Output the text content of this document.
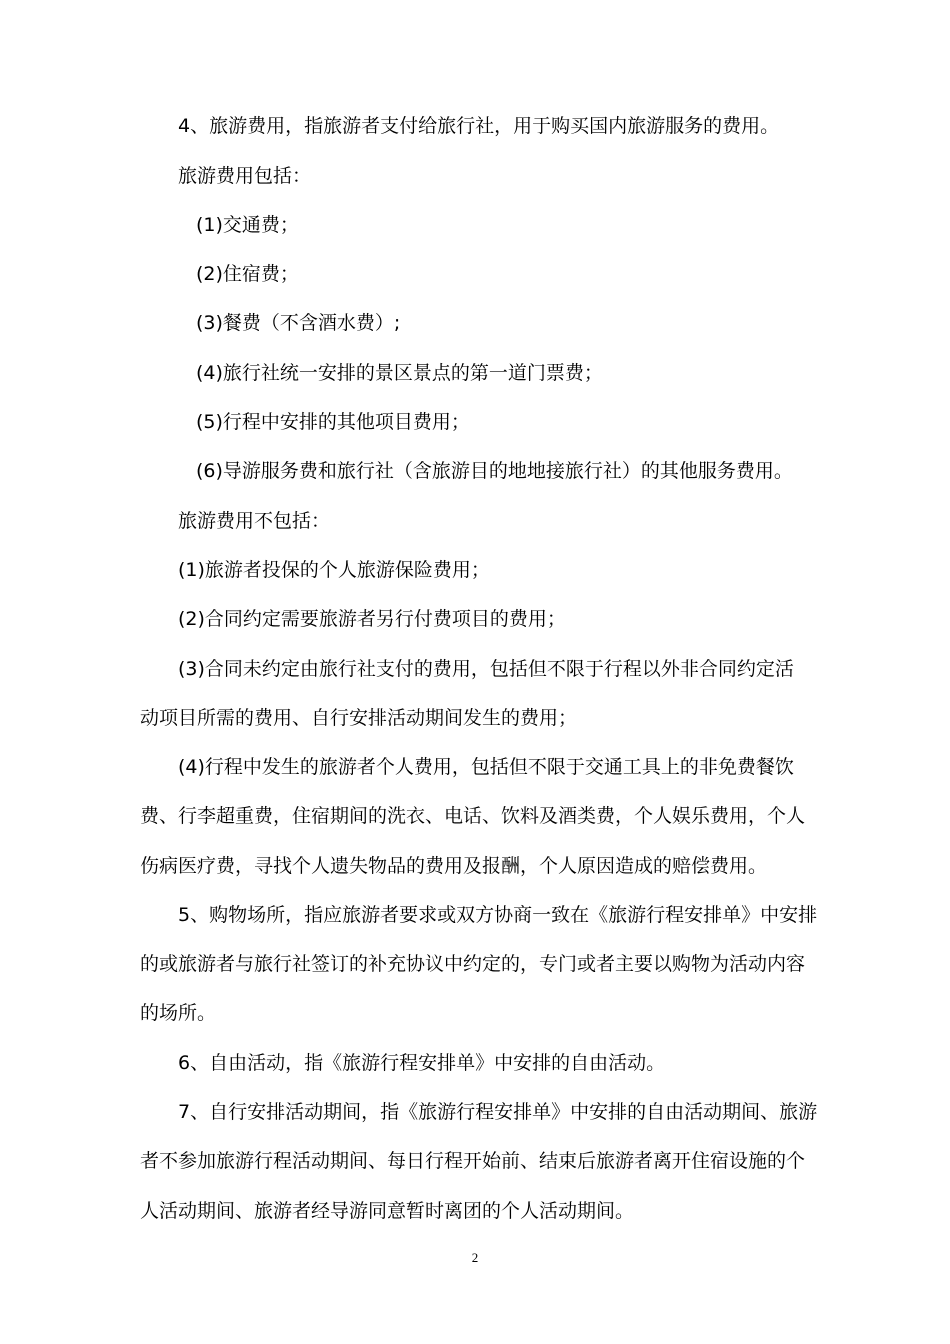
4、旅游费用，指旅游者支付给旅行社，用于购买国内旅游服务的费用。
旅游费用包括：
(1)交通费；
(2)住宿费；
(3)餐费（不含酒水费）;
(4)旅行社统一安排的景区景点的第一道门票费；
(5)行程中安排的其他项目费用；
(6)导游服务费和旅行社（含旅游目的地地接旅行社）的其他服务费用。
旅游费用不包括：
(1)旅游者投保的个人旅游保险费用；
(2)合同约定需要旅游者另行付费项目的费用；
(3)合同未约定由旅行社支付的费用，包括但不限于行程以外非合同约定活
动项目所需的费用、自行安排活动期间发生的费用；
(4)行程中发生的旅游者个人费用，包括但不限于交通工具上的非免费餐饮
费、行李超重费，住宿期间的洗衣、电话、饮料及酒类费，个人娱乐费用，个人
伤病医疗费，寻找个人遗失物品的费用及报酬，个人原因造成的赔偿费用。
5、购物场所，指应旅游者要求或双方协商一致在《旅游行程安排单》中安排
的或旅游者与旅行社签订的补充协议中约定的，专门或者主要以购物为活动内容
的场所。
6、自由活动，指《旅游行程安排单》中安排的自由活动。
7、自行安排活动期间，指《旅游行程安排单》中安排的自由活动期间、旅游
者不参加旅游行程活动期间、每日行程开始前、结束后旅游者离开住宿设施的个
人活动期间、旅游者经导游同意暂时离团的个人活动期间。
2
